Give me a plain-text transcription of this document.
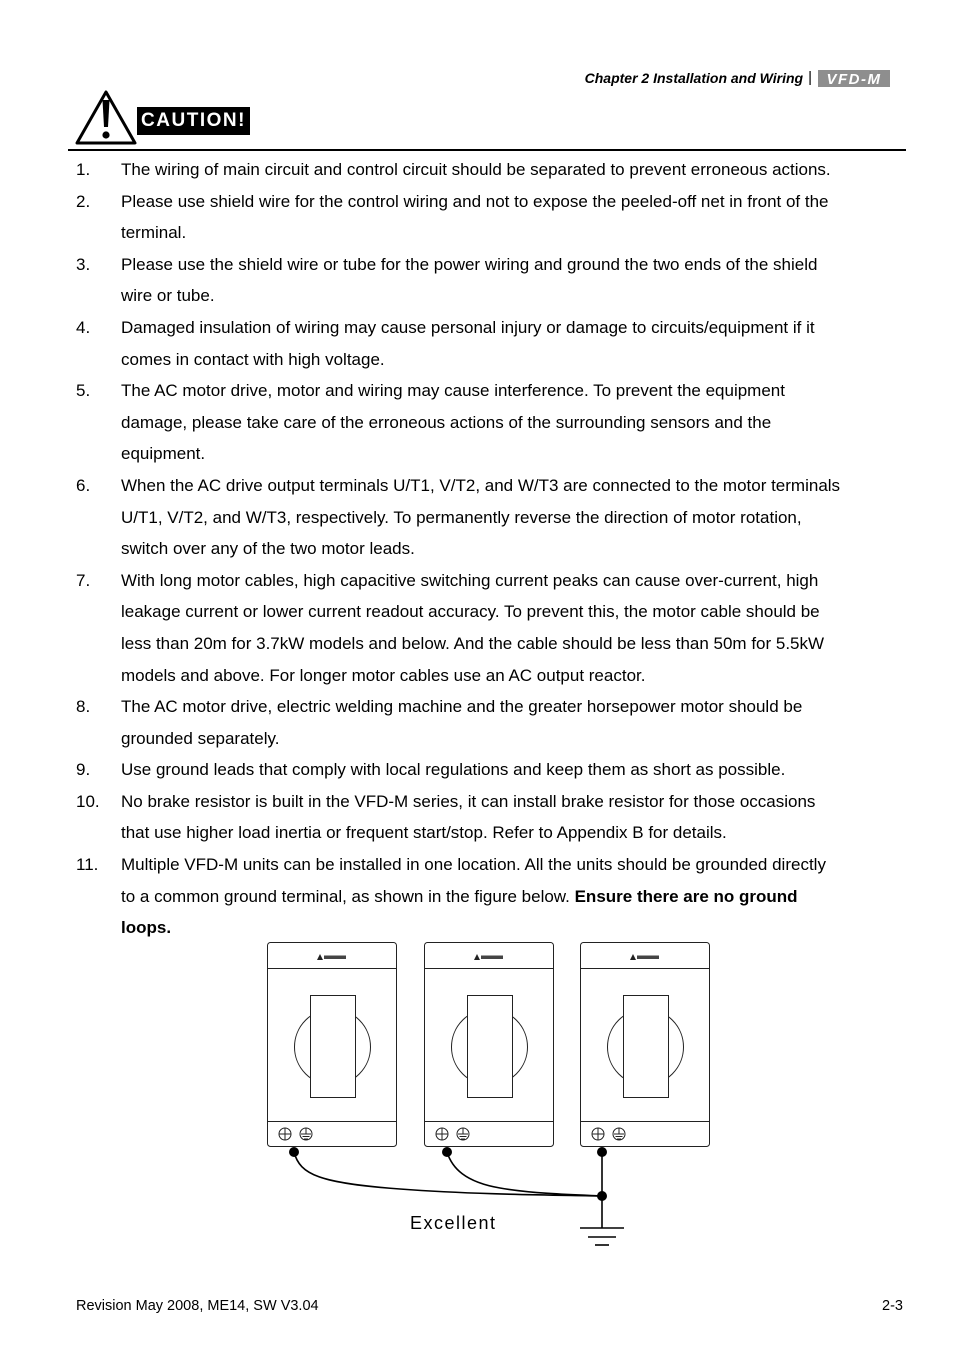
Chapter 2 Installation and Wiring | VFD-M
CAUTION!
1. The wiring of main circuit and control circuit should be separated to prevent erroneous actions.
2. Please use shield wire for the control wiring and not to expose the peeled-off net in front of the
terminal.
3. Please use the shield wire or tube for the power wiring and ground the two ends of the shield
wire or tube.
4. Damaged insulation of wiring may cause personal injury or damage to circuits/equipment if it
comes in contact with high voltage.
5. The AC motor drive, motor and wiring may cause interference. To prevent the equipment
damage, please take care of the erroneous actions of the surrounding sensors and the
equipment.
6. When the AC drive output terminals U/T1, V/T2, and W/T3 are connected to the motor terminals
U/T1, V/T2, and W/T3, respectively. To permanently reverse the direction of motor rotation,
switch over any of the two motor leads.
7. With long motor cables, high capacitive switching current peaks can cause over-current, high
leakage current or lower current readout accuracy. To prevent this, the motor cable should be
less than 20m for 3.7kW models and below. And the cable should be less than 50m for 5.5kW
models and above. For longer motor cables use an AC output reactor.
8. The AC motor drive, electric welding machine and the greater horsepower motor should be
grounded separately.
9. Use ground leads that comply with local regulations and keep them as short as possible.
10. No brake resistor is built in the VFD-M series, it can install brake resistor for those occasions
that use higher load inertia or frequent start/stop. Refer to Appendix B for details.
11. Multiple VFD-M units can be installed in one location. All the units should be grounded directly
to a common ground terminal, as shown in the figure below. Ensure there are no ground
loops.
Excellent
Revision May 2008, ME14, SW V3.04	2-3
